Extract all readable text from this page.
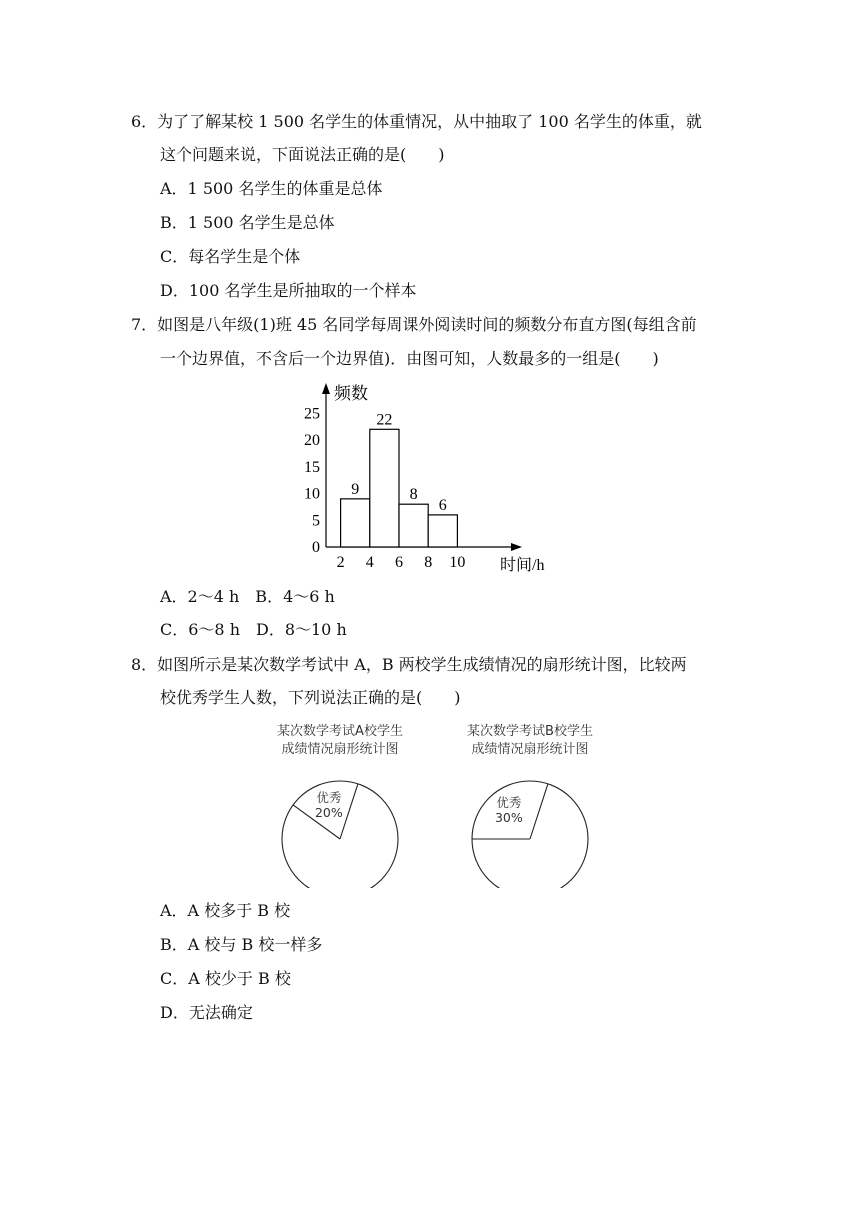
6．为了了解某校 1 500 名学生的体重情况，从中抽取了 100 名学生的体重，就
这个问题来说，下面说法正确的是(　　)
A．1 500 名学生的体重是总体
B．1 500 名学生是总体
C．每名学生是个体
D．100 名学生是所抽取的一个样本
7．如图是八年级(1)班 45 名同学每周课外阅读时间的频数分布直方图(每组含前
一个边界值，不含后一个边界值)．由图可知，人数最多的一组是(　　)
9
22
8
6
0
5
10
15
20
25
2 4 6 8 10
频数
时间/h
A．2～4 h　B．4～6 h
C．6～8 h　D．8～10 h
8．如图所示是某次数学考试中 A，B 两校学生成绩情况的扇形统计图，比较两
校优秀学生人数，下列说法正确的是(　　)
某次数学考试A校学生
成绩情况扇形统计图
优秀
20%
某次数学考试B校学生
成绩情况扇形统计图
优秀
30%
A．A 校多于 B 校
B．A 校与 B 校一样多
C．A 校少于 B 校
D．无法确定
